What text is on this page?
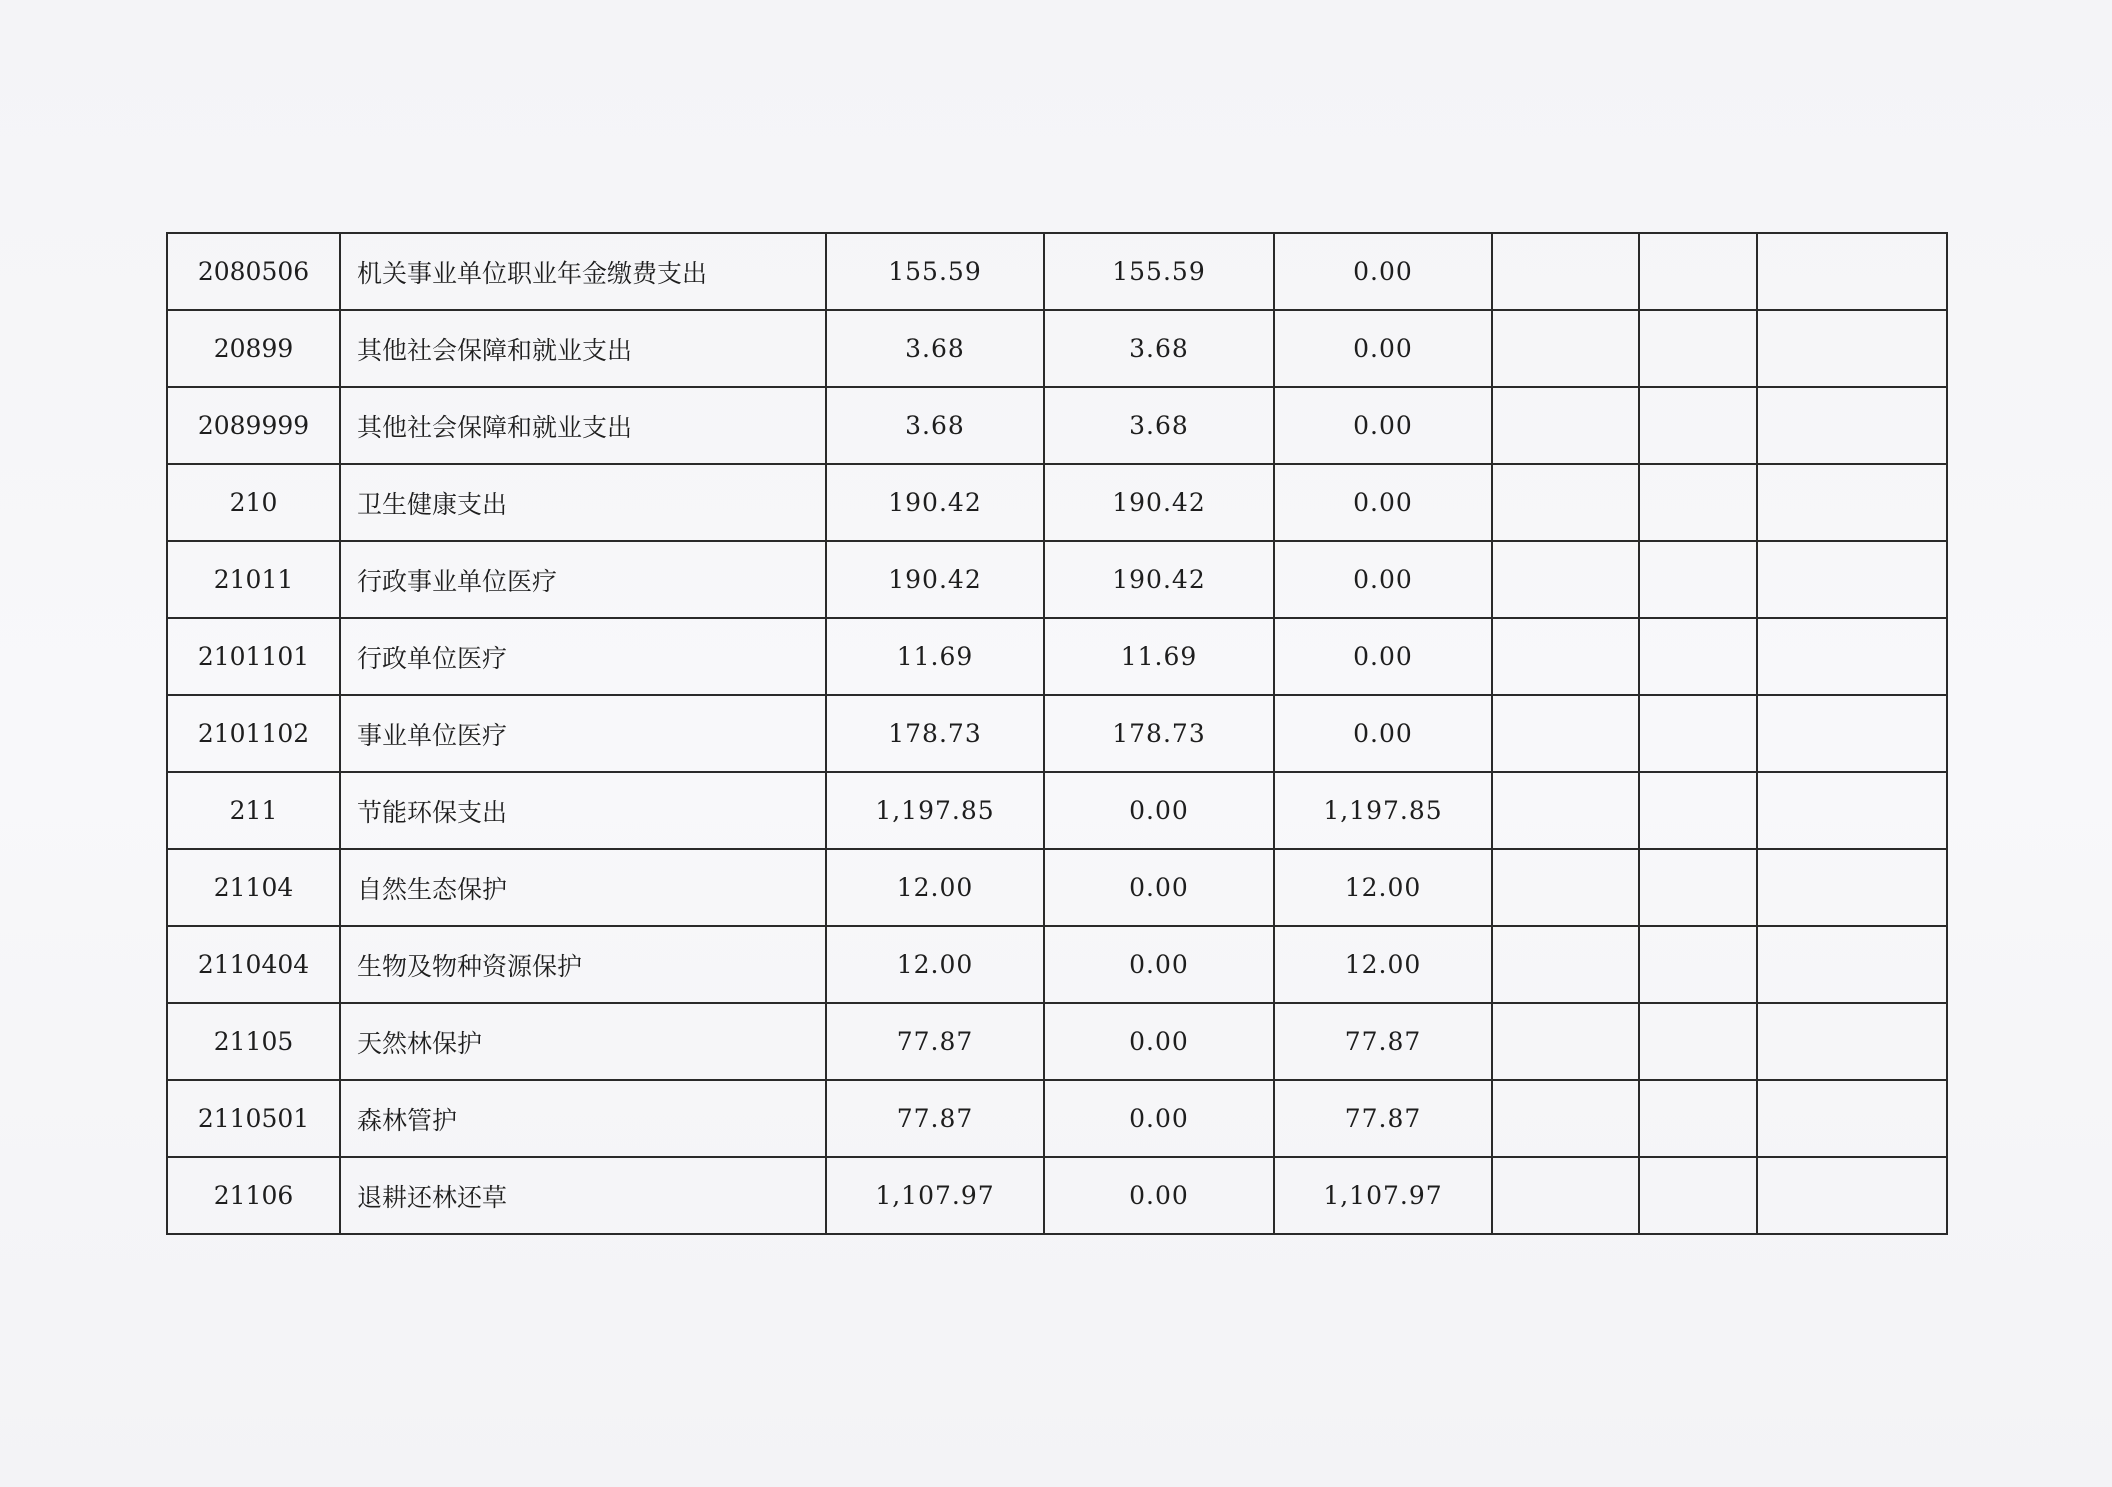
2080506	机关事业单位职业年金缴费支出	155.59	155.59	0.00			
20899	其他社会保障和就业支出	3.68	3.68	0.00			
2089999	其他社会保障和就业支出	3.68	3.68	0.00			
210	卫生健康支出	190.42	190.42	0.00			
21011	行政事业单位医疗	190.42	190.42	0.00			
2101101	行政单位医疗	11.69	11.69	0.00			
2101102	事业单位医疗	178.73	178.73	0.00			
211	节能环保支出	1,197.85	0.00	1,197.85			
21104	自然生态保护	12.00	0.00	12.00			
2110404	生物及物种资源保护	12.00	0.00	12.00			
21105	天然林保护	77.87	0.00	77.87			
2110501	森林管护	77.87	0.00	77.87			
21106	退耕还林还草	1,107.97	0.00	1,107.97			
